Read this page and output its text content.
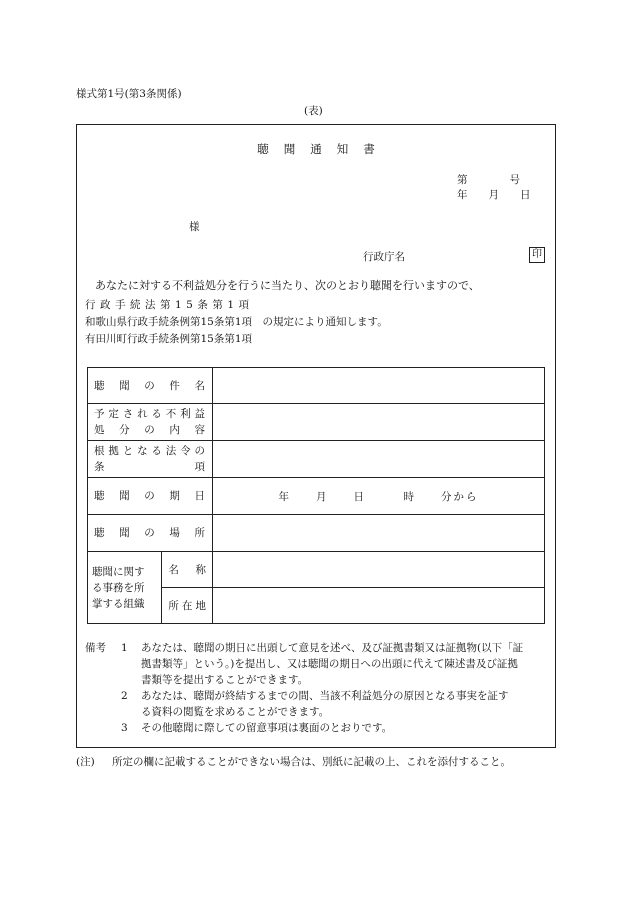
様式第1号(第3条関係)
(表)
聴聞通知書
第　　　　号
年　　月　　日
様
行政庁名	印
あなたに対する不利益処分を行うに当たり、次のとおり聴聞を行いますので、
行政手続法第15条第1項
和歌山県行政手続条例第15条第1項　の規定により通知します。
有田川町行政手続条例第15条第1項
聴聞の件名		

予定される不利益
処分の内容		

根拠となる法令の
条項		

聴聞の期日		年　　月　　日　　　時　　分から
聴聞の場所		

聴聞に関す
る事務を所
掌する組織	名称	
	所在地	
備考 1 あなたは、聴聞の期日に出頭して意見を述べ、及び証拠書類又は証拠物(以下「証
拠書類等」という。)を提出し、又は聴聞の期日への出頭に代えて陳述書及び証拠
書類等を提出することができます。
2 あなたは、聴聞が終結するまでの間、当該不利益処分の原因となる事実を証す
る資料の閲覧を求めることができます。
3 その他聴聞に際しての留意事項は裏面のとおりです。
(注) 所定の欄に記載することができない場合は、別紙に記載の上、これを添付すること。
